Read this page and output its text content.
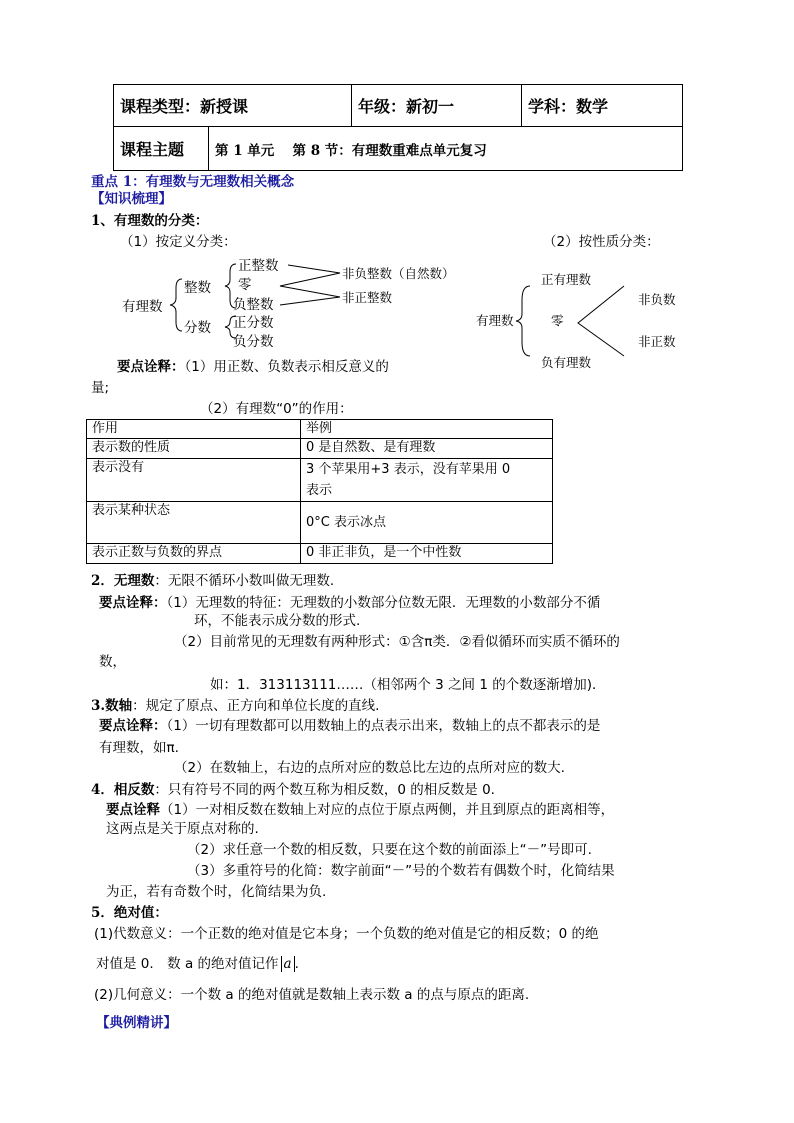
课程类型：新授课		年级：新初一	学科：数学
课程主题	第 1 单元　 第 8 节：有理数重难点单元复习		
重点 1：有理数与无理数相关概念
【知识梳理】
1、有理数的分类：
（1）按定义分类：	（2）按性质分类：
有理数
整数
分数
正整数
零
负整数
正分数
负分数
非负整数（自然数）
非正整数
有理数
正有理数
零
负有理数
非负数
非正数
要点诠释：（1）用正数、负数表示相反意义的
量;
（2）有理数“0”的作用：
作用	举例
表示数的性质	0 是自然数、是有理数
表示没有	3 个苹果用+3 表示，没有苹果用 0
表示

表示某种状态	0°C 表示冰点
表示正数与负数的界点	0 非正非负，是一个中性数
2．无理数：无限不循环小数叫做无理数.
要点诠释：（1）无理数的特征：无理数的小数部分位数无限．无理数的小数部分不循
环，不能表示成分数的形式.
（2）目前常见的无理数有两种形式：①含π类．②看似循环而实质不循环的
数，
如：1．313113111……（相邻两个 3 之间 1 的个数逐渐增加)．
3.数轴：规定了原点、正方向和单位长度的直线.
要点诠释：（1）一切有理数都可以用数轴上的点表示出来，数轴上的点不都表示的是
有理数，如π.
（2）在数轴上，右边的点所对应的数总比左边的点所对应的数大.
4．相反数：只有符号不同的两个数互称为相反数，0 的相反数是 0.
要点诠释（1）一对相反数在数轴上对应的点位于原点两侧，并且到原点的距离相等，
这两点是关于原点对称的.
（2）求任意一个数的相反数，只要在这个数的前面添上“－”号即可.
（3）多重符号的化简：数字前面“－”号的个数若有偶数个时，化简结果
为正，若有奇数个时，化简结果为负.
5．绝对值：
(1)代数意义：一个正数的绝对值是它本身；一个负数的绝对值是它的相反数；0 的绝
对值是 0.　数 a 的绝对值记作 a .
(2)几何意义：一个数 a 的绝对值就是数轴上表示数 a 的点与原点的距离.
【典例精讲】
